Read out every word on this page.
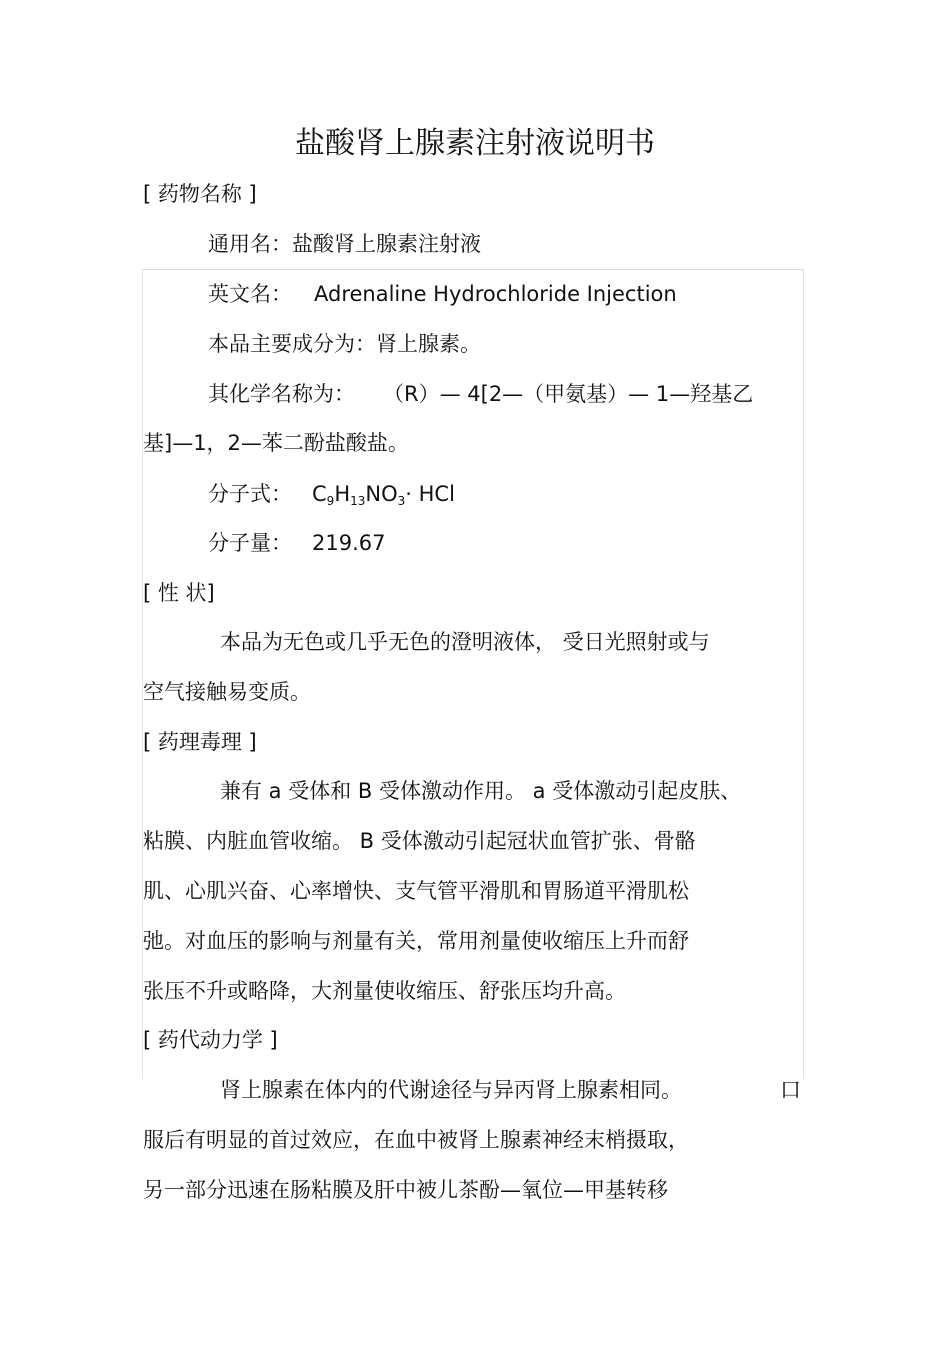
盐酸肾上腺素注射液说明书
[ 药物名称 ]
通用名：盐酸肾上腺素注射液
英文名： Adrenaline Hydrochloride Injection
本品主要成分为：肾上腺素。
其化学名称为： （R）— 4[2—（甲氨基）— 1—羟基乙
基]—1，2—苯二酚盐酸盐。
分子式： C9H13NO3· HCl
分子量： 219.67
[ 性 状]
本品为无色或几乎无色的澄明液体， 受日光照射或与
空气接触易变质。
[ 药理毒理 ]
兼有 a 受体和 B 受体激动作用。 a 受体激动引起皮肤、
粘膜、内脏血管收缩。 B 受体激动引起冠状血管扩张、骨骼
肌、心肌兴奋、心率增快、支气管平滑肌和胃肠道平滑肌松
弛。对血压的影响与剂量有关，常用剂量使收缩压上升而舒
张压不升或略降，大剂量使收缩压、舒张压均升高。
[ 药代动力学 ]
肾上腺素在体内的代谢途径与异丙肾上腺素相同。	口
服后有明显的首过效应，在血中被肾上腺素神经末梢摄取，
另一部分迅速在肠粘膜及肝中被儿茶酚—氧位—甲基转移
